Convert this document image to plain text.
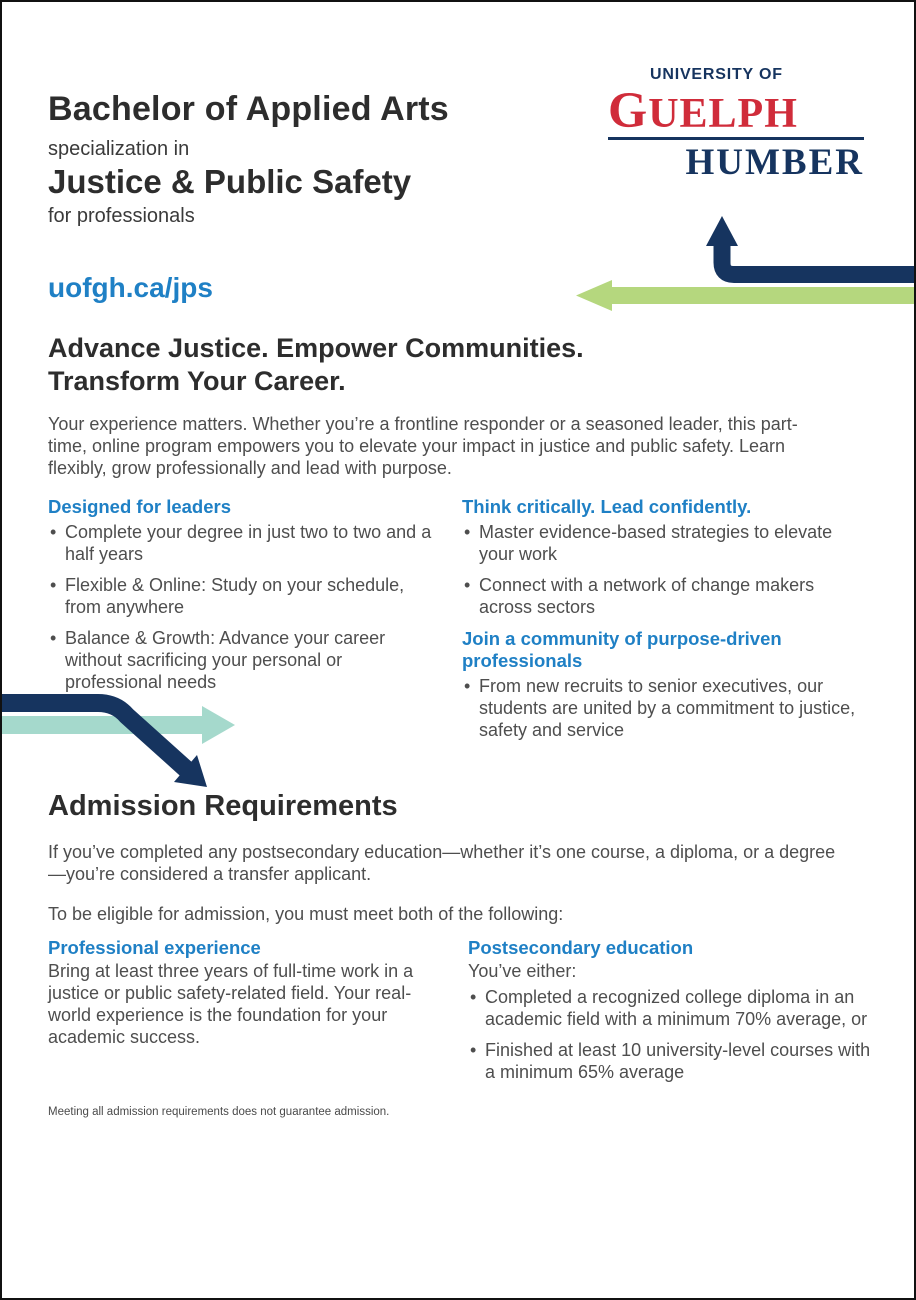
Bachelor of Applied Arts
specialization in
Justice & Public Safety
for professionals
uofgh.ca/jps
UNIVERSITY OF
GUELPH
HUMBER
Advance Justice. Empower Communities.
Transform Your Career.
Your experience matters. Whether you’re a frontline responder or a seasoned leader, this part-time, online program empowers you to elevate your impact in justice and public safety. Learn flexibly, grow professionally and lead with purpose.
Designed for leaders
• Complete your degree in just two to two and a half years
• Flexible & Online: Study on your schedule, from anywhere
• Balance & Growth: Advance your career without sacrificing your personal or professional needs
Think critically. Lead confidently.
• Master evidence-based strategies to elevate your work
• Connect with a network of change makers across sectors
Join a community of purpose-driven professionals
• From new recruits to senior executives, our students are united by a commitment to justice, safety and service
Admission Requirements
If you’ve completed any postsecondary education—whether it’s one course, a diploma, or a degree—you’re considered a transfer applicant.
To be eligible for admission, you must meet both of the following:
Professional experience
Bring at least three years of full-time work in a justice or public safety-related field. Your real-world experience is the foundation for your academic success.
Postsecondary education
You’ve either:
• Completed a recognized college diploma in an academic field with a minimum 70% average, or
• Finished at least 10 university-level courses with a minimum 65% average
Meeting all admission requirements does not guarantee admission.
